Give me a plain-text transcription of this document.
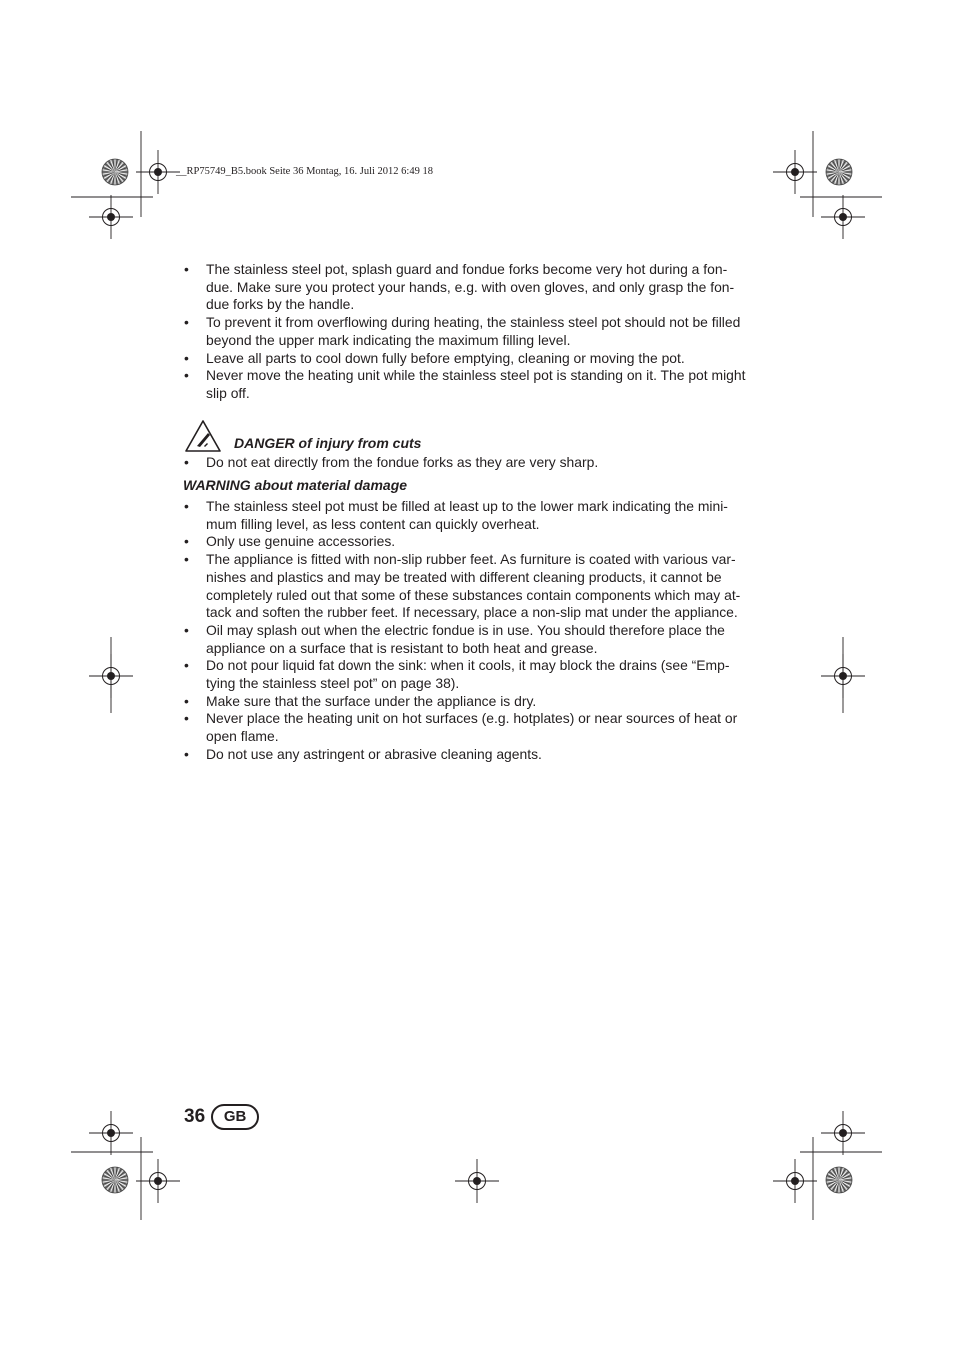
__RP75749_B5.book Seite 36 Montag, 16. Juli 2012 6:49 18
• The stainless steel pot, splash guard and fondue forks become very hot during a fon-due. Make sure you protect your hands, e.g. with oven gloves, and only grasp the fon-due forks by the handle.
• To prevent it from overflowing during heating, the stainless steel pot should not be filled beyond the upper mark indicating the maximum filling level.
• Leave all parts to cool down fully before emptying, cleaning or moving the pot.
• Never move the heating unit while the stainless steel pot is standing on it. The pot might slip off.
DANGER of injury from cuts
• Do not eat directly from the fondue forks as they are very sharp.
WARNING about material damage
• The stainless steel pot must be filled at least up to the lower mark indicating the mini-mum filling level, as less content can quickly overheat.
• Only use genuine accessories.
• The appliance is fitted with non-slip rubber feet. As furniture is coated with various var-nishes and plastics and may be treated with different cleaning products, it cannot be completely ruled out that some of these substances contain components which may at-tack and soften the rubber feet. If necessary, place a non-slip mat under the appliance.
• Oil may splash out when the electric fondue is in use. You should therefore place the appliance on a surface that is resistant to both heat and grease.
• Do not pour liquid fat down the sink: when it cools, it may block the drains (see “Emp-tying the stainless steel pot” on page 38).
• Make sure that the surface under the appliance is dry.
• Never place the heating unit on hot surfaces (e.g. hotplates) or near sources of heat or open flame.
• Do not use any astringent or abrasive cleaning agents.
36	GB
